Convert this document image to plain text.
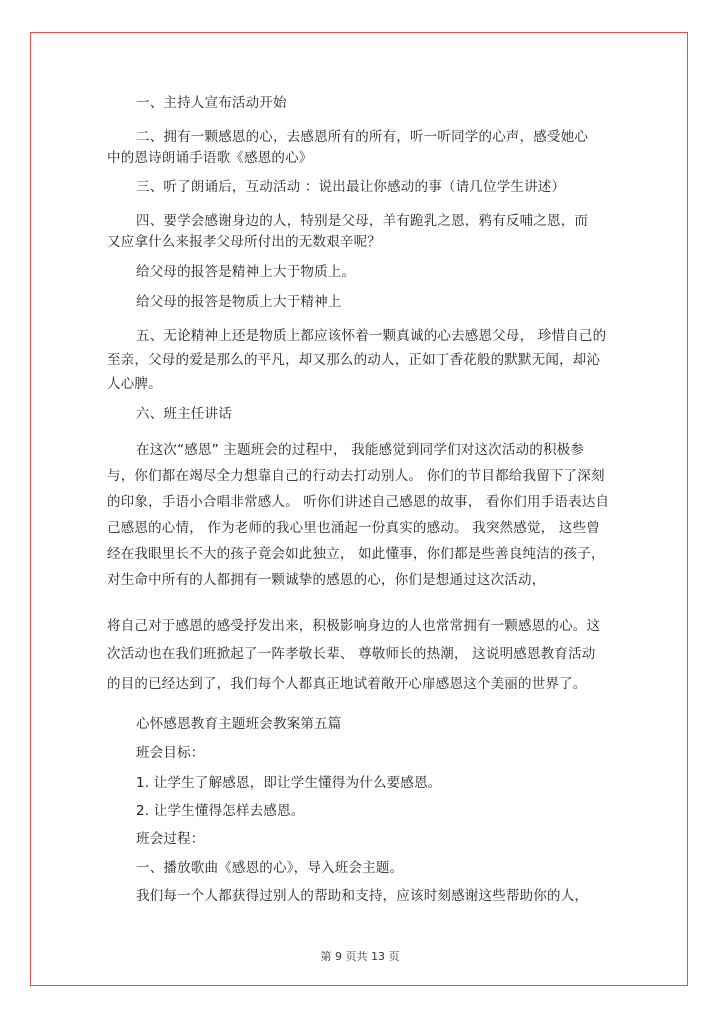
一、主持人宣布活动开始
二、拥有一颗感恩的心，去感恩所有的所有，听一听同学的心声，感受她心
中的恩诗朗诵手语歌《感恩的心》
三、听了朗诵后，互动活动 ：说出最让你感动的事（请几位学生讲述）
四、要学会感谢身边的人，特别是父母，羊有跪乳之恩，鸦有反哺之恩，而
又应拿什么来报孝父母所付出的无数艰辛呢？
给父母的报答是精神上大于物质上。
给父母的报答是物质上大于精神上
五、无论精神上还是物质上都应该怀着一颗真诚的心去感恩父母， 珍惜自己的
至亲，父母的爱是那么的平凡，却又那么的动人，正如丁香花般的默默无闻，却沁
人心脾。
六、班主任讲话
在这次“感恩” 主题班会的过程中， 我能感觉到同学们对这次活动的积极参
与，你们都在竭尽全力想靠自己的行动去打动别人。 你们的节目都给我留下了深刻
的印象，手语小合唱非常感人。 听你们讲述自己感恩的故事， 看你们用手语表达自
己感恩的心情， 作为老师的我心里也涌起一份真实的感动。 我突然感觉， 这些曾
经在我眼里长不大的孩子竟会如此独立， 如此懂事，你们都是些善良纯洁的孩子，
对生命中所有的人都拥有一颗诚挚的感恩的心，你们是想通过这次活动，
将自己对于感恩的感受抒发出来，积极影响身边的人也常常拥有一颗感恩的心。这
次活动也在我们班掀起了一阵孝敬长辈、 尊敬师长的热潮， 这说明感恩教育活动
的目的已经达到了，我们每个人都真正地试着敞开心扉感恩这个美丽的世界了。
心怀感恩教育主题班会教案第五篇
班会目标：
1. 让学生了解感恩，即让学生懂得为什么要感恩。
2. 让学生懂得怎样去感恩。
班会过程：
一、播放歌曲《感恩的心》，导入班会主题。
我们每一个人都获得过别人的帮助和支持，应该时刻感谢这些帮助你的人，
第 9 页共 13 页
